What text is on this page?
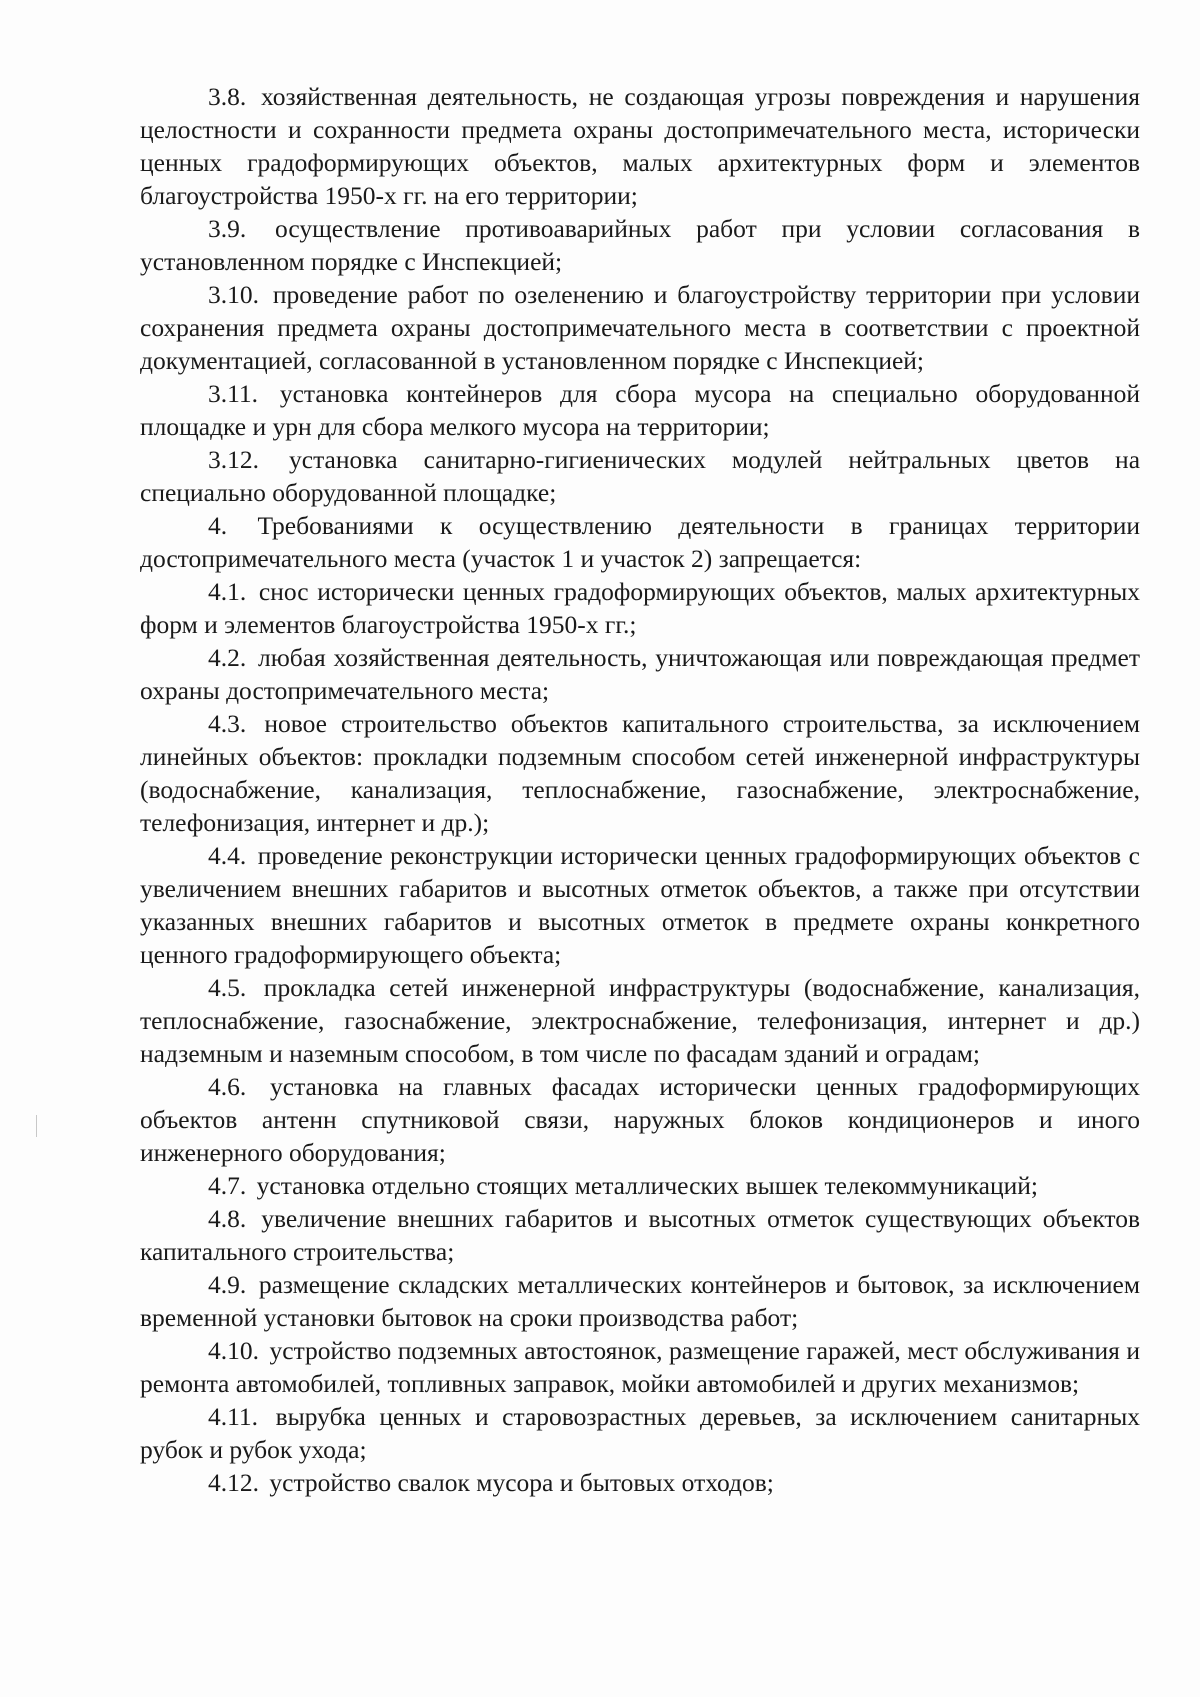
3.8. хозяйственная деятельность, не создающая угрозы повреждения и нарушения целостности и сохранности предмета охраны достопримечательного места, исторически ценных градоформирующих объектов, малых архитектурных форм и элементов благоустройства 1950-х гг. на его территории;

3.9. осуществление противоаварийных работ при условии согласования в установленном порядке с Инспекцией;

3.10. проведение работ по озеленению и благоустройству территории при условии сохранения предмета охраны достопримечательного места в соответствии с проектной документацией, согласованной в установленном порядке с Инспекцией;

3.11. установка контейнеров для сбора мусора на специально оборудованной площадке и урн для сбора мелкого мусора на территории;

3.12. установка санитарно-гигиенических модулей нейтральных цветов на специально оборудованной площадке;

4. Требованиями к осуществлению деятельности в границах территории достопримечательного места (участок 1 и участок 2) запрещается:

4.1. снос исторически ценных градоформирующих объектов, малых архитектурных форм и элементов благоустройства 1950-х гг.;

4.2. любая хозяйственная деятельность, уничтожающая или повреждающая предмет охраны достопримечательного места;

4.3. новое строительство объектов капитального строительства, за исключением линейных объектов: прокладки подземным способом сетей инженерной инфраструктуры (водоснабжение, канализация, теплоснабжение, газоснабжение, электроснабжение, телефонизация, интернет и др.);

4.4. проведение реконструкции исторически ценных градоформирующих объектов с увеличением внешних габаритов и высотных отметок объектов, а также при отсутствии указанных внешних габаритов и высотных отметок в предмете охраны конкретного ценного градоформирующего объекта;

4.5. прокладка сетей инженерной инфраструктуры (водоснабжение, канализация, теплоснабжение, газоснабжение, электроснабжение, телефонизация, интернет и др.) надземным и наземным способом, в том числе по фасадам зданий и оградам;

4.6. установка на главных фасадах исторически ценных градоформирующих объектов антенн спутниковой связи, наружных блоков кондиционеров и иного инженерного оборудования;

4.7. установка отдельно стоящих металлических вышек телекоммуникаций;

4.8. увеличение внешних габаритов и высотных отметок существующих объектов капитального строительства;

4.9. размещение складских металлических контейнеров и бытовок, за исключением временной установки бытовок на сроки производства работ;

4.10. устройство подземных автостоянок, размещение гаражей, мест обслуживания и ремонта автомобилей, топливных заправок, мойки автомобилей и других механизмов;

4.11. вырубка ценных и старовозрастных деревьев, за исключением санитарных рубок и рубок ухода;

4.12. устройство свалок мусора и бытовых отходов;
